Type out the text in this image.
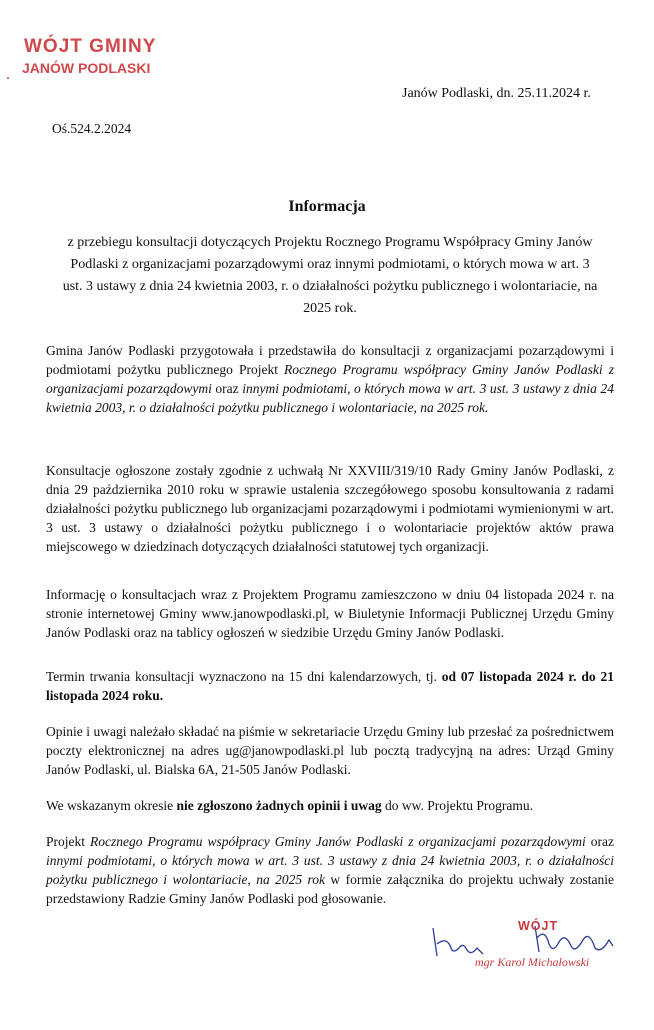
WÓJT GMINY
JANÓW PODLASKI
Janów Podlaski, dn. 25.11.2024 r.
Oś.524.2.2024
Informacja
z przebiegu konsultacji dotyczących Projektu Rocznego Programu Współpracy Gminy Janów Podlaski z organizacjami pozarządowymi oraz innymi podmiotami, o których mowa w art. 3 ust. 3 ustawy z dnia 24 kwietnia 2003, r. o działalności pożytku publicznego i wolontariacie, na 2025 rok.

Gmina Janów Podlaski przygotowała i przedstawiła do konsultacji z organizacjami pozarządowymi i podmiotami pożytku publicznego Projekt Rocznego Programu współpracy Gminy Janów Podlaski z organizacjami pozarządowymi oraz innymi podmiotami, o których mowa w art. 3 ust. 3 ustawy z dnia 24 kwietnia 2003, r. o działalności pożytku publicznego i wolontariacie, na 2025 rok.

Konsultacje ogłoszone zostały zgodnie z uchwałą Nr XXVIII/319/10 Rady Gminy Janów Podlaski, z dnia 29 października 2010 roku w sprawie ustalenia szczegółowego sposobu konsultowania z radami działalności pożytku publicznego lub organizacjami pozarządowymi i podmiotami wymienionymi w art. 3 ust. 3 ustawy o działalności pożytku publicznego i o wolontariacie projektów aktów prawa miejscowego w dziedzinach dotyczących działalności statutowej tych organizacji.

Informację o konsultacjach wraz z Projektem Programu zamieszczono w dniu 04 listopada 2024 r. na stronie internetowej Gminy www.janowpodlaski.pl, w Biuletynie Informacji Publicznej Urzędu Gminy Janów Podlaski oraz na tablicy ogłoszeń w siedzibie Urzędu Gminy Janów Podlaski.

Termin trwania konsultacji wyznaczono na 15 dni kalendarzowych, tj. od 07 listopada 2024 r. do 21 listopada 2024 roku.

Opinie i uwagi należało składać na piśmie w sekretariacie Urzędu Gminy lub przesłać za pośrednictwem poczty elektronicznej na adres ug@janowpodlaski.pl lub pocztą tradycyjną na adres: Urząd Gminy Janów Podlaski, ul. Bialska 6A, 21-505 Janów Podlaski.

We wskazanym okresie nie zgłoszono żadnych opinii i uwag do ww. Projektu Programu.

Projekt Rocznego Programu współpracy Gminy Janów Podlaski z organizacjami pozarządowymi oraz innymi podmiotami, o których mowa w art. 3 ust. 3 ustawy z dnia 24 kwietnia 2003, r. o działalności pożytku publicznego i wolontariacie, na 2025 rok w formie załącznika do projektu uchwały zostanie przedstawiony Radzie Gminy Janów Podlaski pod głosowanie.

WÓJT
mgr Karol Michałowski
